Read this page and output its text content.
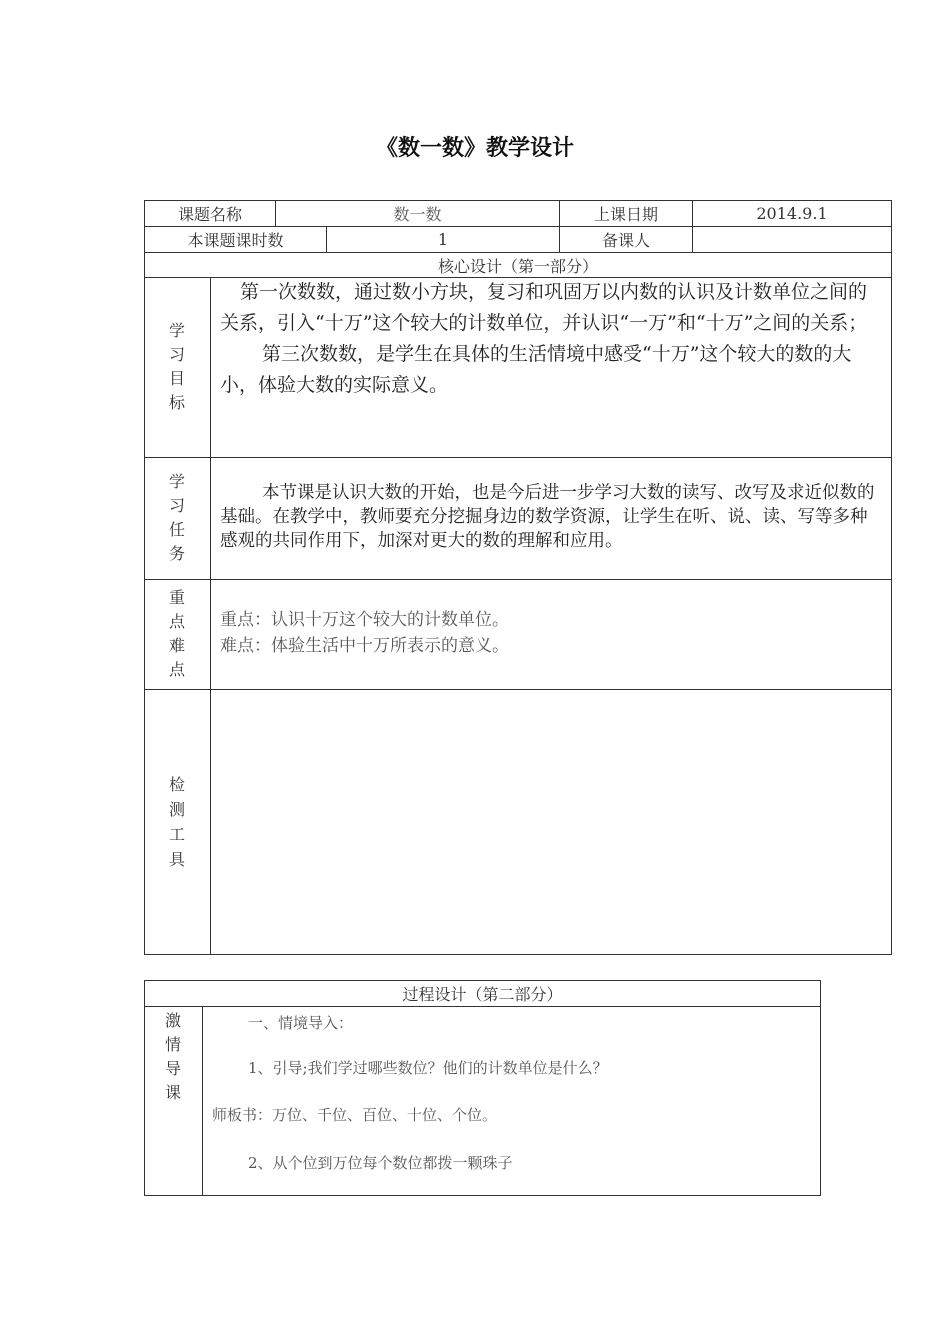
《数一数》教学设计
课题名称	数一数	上课日期	2014.9.1
本课题课时数	1	备课人
核心设计（第一部分）
学
习
目
标

第一次数数，通过数小方块，复习和巩固万以内数的认识及计数单位之间的关系，引入“十万”这个较大的计数单位，并认识“一万”和“十万”之间的关系；

第三次数数，是学生在具体的生活情境中感受“十万”这个较大的数的大小，体验大数的实际意义。

学
习
任
务

本节课是认识大数的开始，也是今后进一步学习大数的读写、改写及求近似数的基础。在教学中，教师要充分挖掘身边的数学资源，让学生在听、说、读、写等多种感观的共同作用下，加深对更大的数的理解和应用。

重
点
难
点

重点：认识十万这个较大的计数单位。

难点：体验生活中十万所表示的意义。

检
测
工
具
过程设计（第二部分）
激
情
导
课
一、情境导入：
1、引导;我们学过哪些数位？他们的计数单位是什么？
师板书：万位、千位、百位、十位、个位。
2、从个位到万位每个数位都拨一颗珠子
